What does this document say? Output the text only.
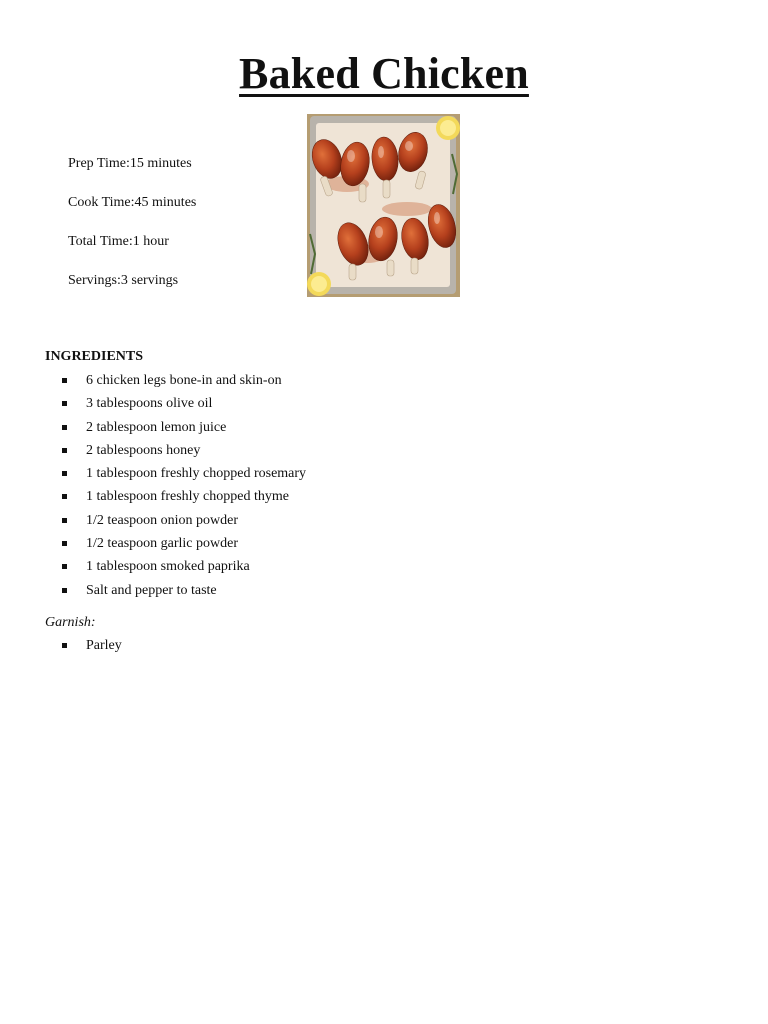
Baked Chicken
Prep Time:15 minutes
Cook Time:45 minutes
Total Time:1 hour
Servings:3 servings
INGREDIENTS
6 chicken legs bone-in and skin-on
3 tablespoons olive oil
2 tablespoon lemon juice
2 tablespoons honey
1 tablespoon freshly chopped rosemary
1 tablespoon freshly chopped thyme
1/2 teaspoon onion powder
1/2 teaspoon garlic powder
1 tablespoon smoked paprika
Salt and pepper to taste
Garnish:
Parley
